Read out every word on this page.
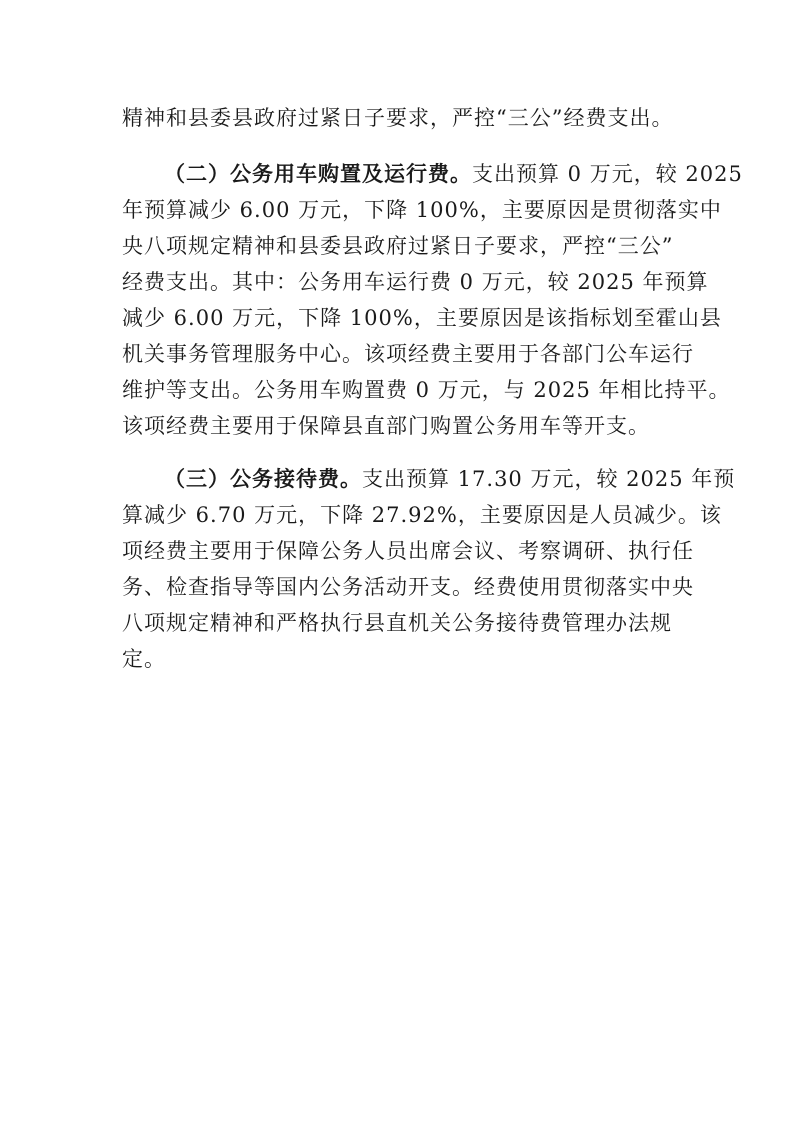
精神和县委县政府过紧日子要求，严控“三公”经费支出。

（二）公务用车购置及运行费。支出预算 0 万元，较 2025

年预算减少 6.00 万元，下降 100%，主要原因是贯彻落实中

央八项规定精神和县委县政府过紧日子要求，严控“三公”

经费支出。其中：公务用车运行费 0 万元，较 2025 年预算

减少 6.00 万元，下降 100%，主要原因是该指标划至霍山县

机关事务管理服务中心。该项经费主要用于各部门公车运行

维护等支出。公务用车购置费 0 万元，与 2025 年相比持平。

该项经费主要用于保障县直部门购置公务用车等开支。

（三）公务接待费。支出预算 17.30 万元，较 2025 年预

算减少 6.70 万元，下降 27.92%，主要原因是人员减少。该

项经费主要用于保障公务人员出席会议、考察调研、执行任

务、检查指导等国内公务活动开支。经费使用贯彻落实中央

八项规定精神和严格执行县直机关公务接待费管理办法规

定。
